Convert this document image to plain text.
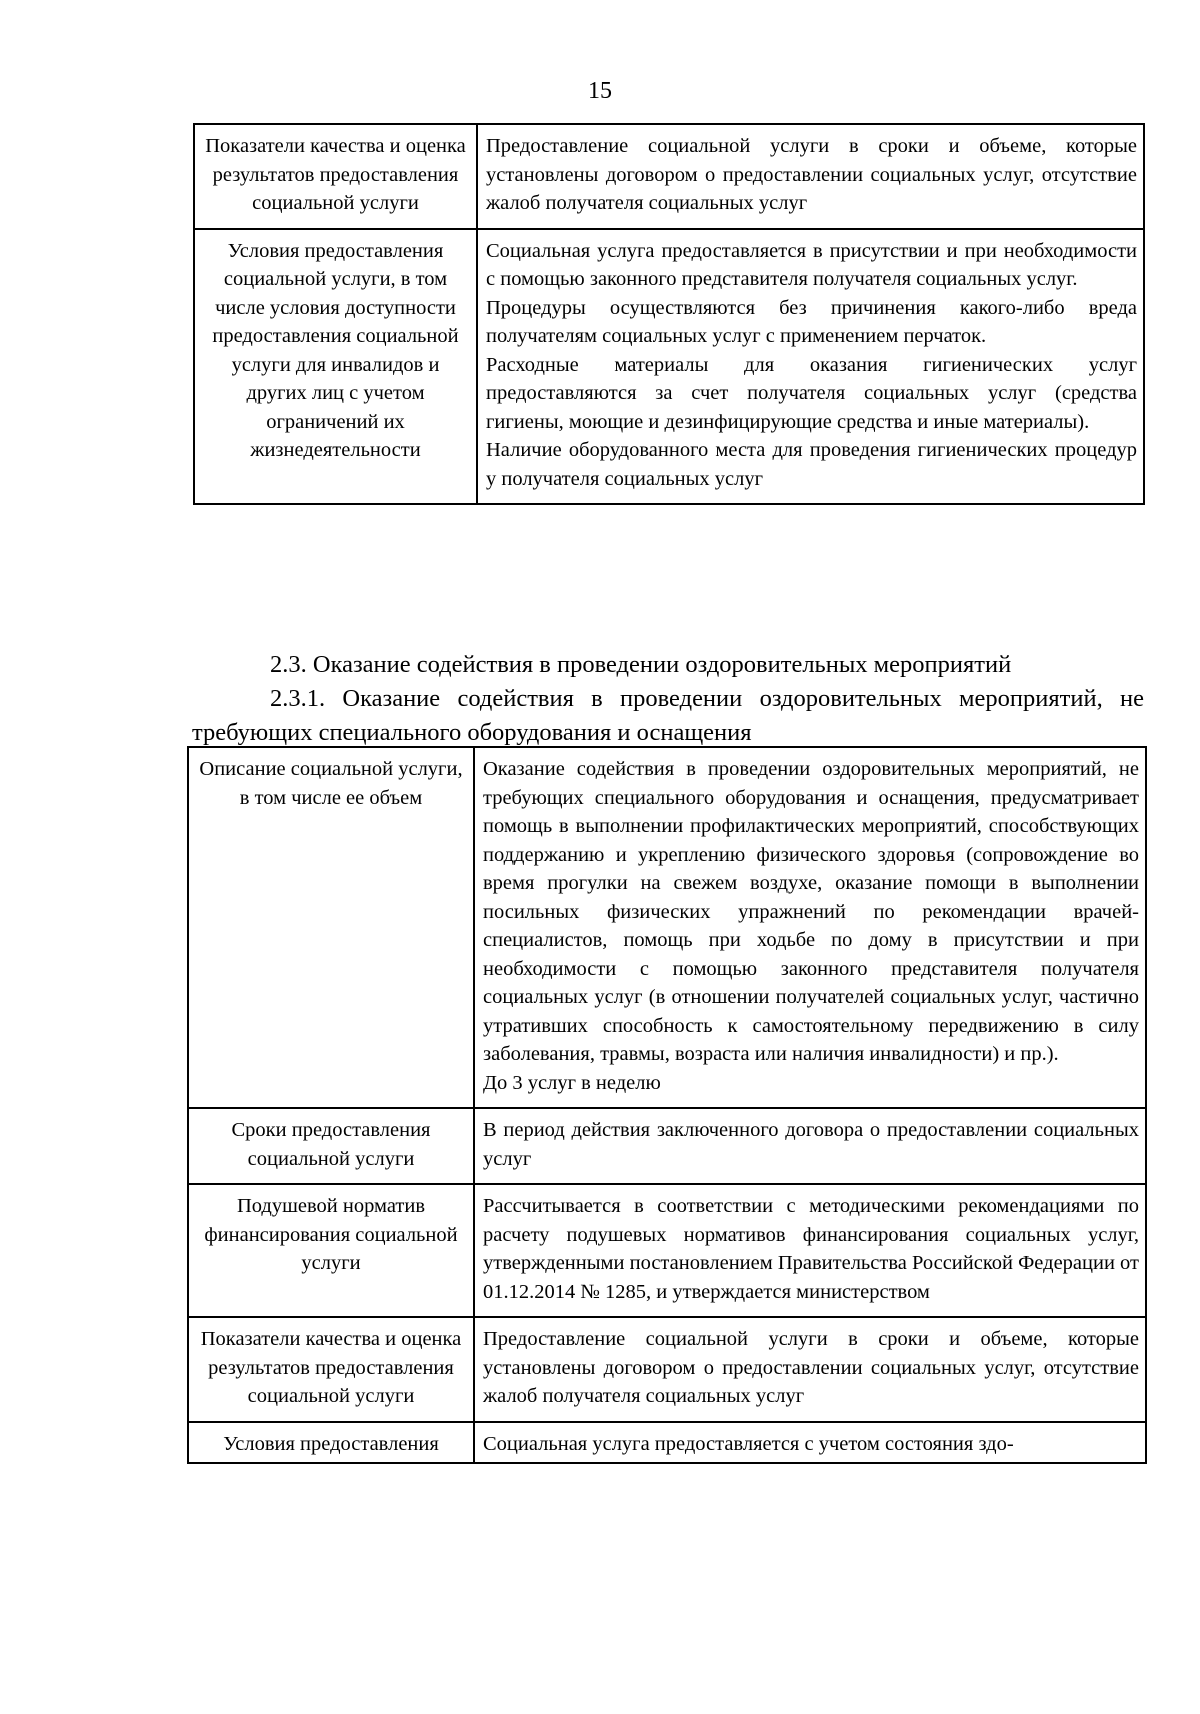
15
Показатели качества и оценка результатов предоставления социальной услуги	Предоставление социальной услуги в сроки и объеме, которые установлены договором о предоставлении социальных услуг, отсутствие жалоб получателя социальных услуг

Условия предоставления социальной услуги, в том числе условия доступности предоставления социальной услуги для инвалидов и других лиц с учетом ограничений их жизнедеятельности	Социальная услуга предоставляется в присутствии и при необходимости с помощью законного представителя получателя социальных услуг.

Процедуры осуществляются без причинения какого-либо вреда получателям социальных услуг с применением перчаток.

Расходные материалы для оказания гигиенических услуг предоставляются за счет получателя социальных услуг (средства гигиены, моющие и дезинфицирующие средства и иные материалы).

Наличие оборудованного места для проведения гигиенических процедур у получателя социальных услуг

2.3. Оказание содействия в проведении оздоровительных мероприятий
2.3.1. Оказание содействия в проведении оздоровительных мероприятий, не требующих специального оборудования и оснащения
Описание социальной услуги, в том числе ее объем	Оказание содействия в проведении оздоровительных мероприятий, не требующих специального оборудования и оснащения, предусматривает помощь в выполнении профилактических мероприятий, способствующих поддержанию и укреплению физического здоровья (сопровождение во время прогулки на свежем воздухе, оказание помощи в выполнении посильных физических упражнений по рекомендации врачей-специалистов, помощь при ходьбе по дому в присутствии и при необходимости с помощью законного представителя получателя социальных услуг (в отношении получателей социальных услуг, частично утративших способность к самостоятельному передвижению в силу заболевания, травмы, возраста или наличия инвалидности) и пр.).

До 3 услуг в неделю

Сроки предоставления социальной услуги	В период действия заключенного договора о предоставлении социальных услуг

Подушевой норматив финансирования социальной услуги	Рассчитывается в соответствии с методическими рекомендациями по расчету подушевых нормативов финансирования социальных услуг, утвержденными постановлением Правительства Российской Федерации от 01.12.2014 № 1285, и утверждается министерством

Показатели качества и оценка результатов предоставления социальной услуги	Предоставление социальной услуги в сроки и объеме, которые установлены договором о предоставлении социальных услуг, отсутствие жалоб получателя социальных услуг

Условия предоставления	Социальная услуга предоставляется с учетом состояния здо-
